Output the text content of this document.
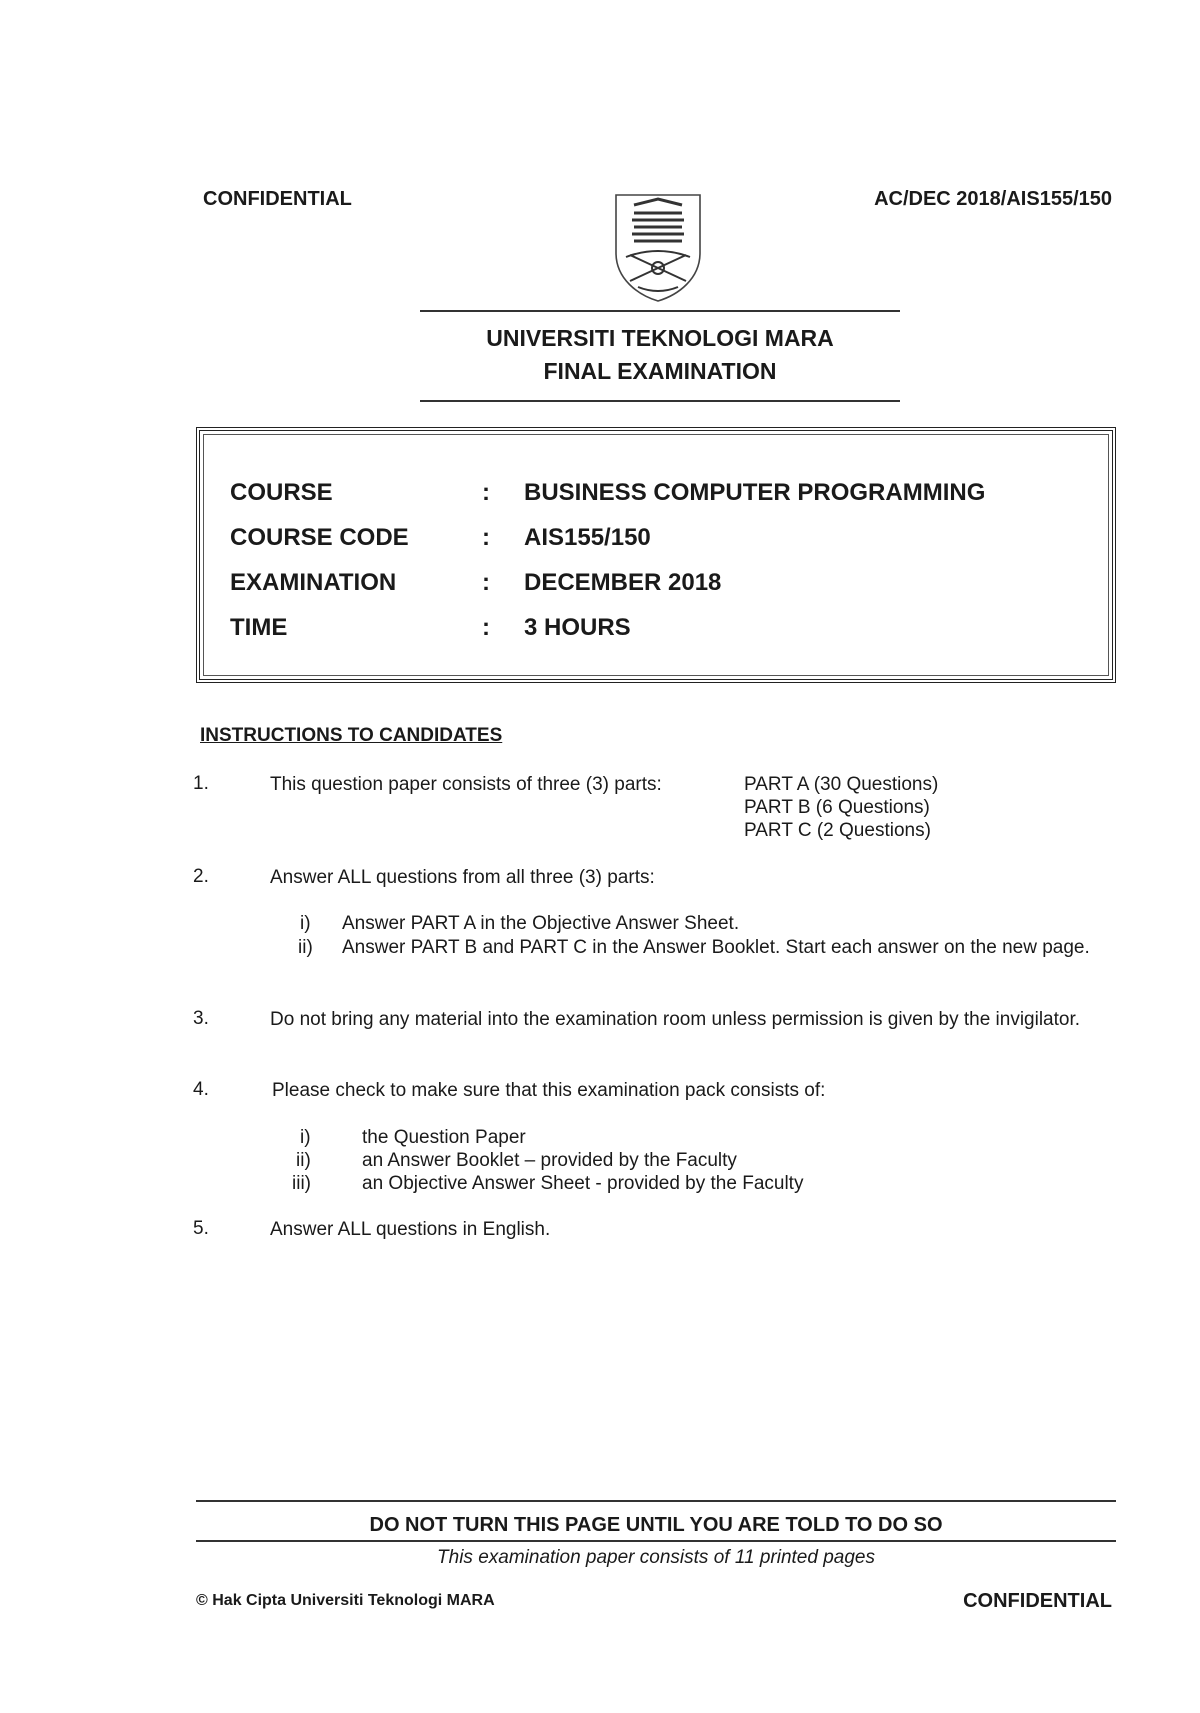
CONFIDENTIAL	AC/DEC 2018/AIS155/150
UNIVERSITI TEKNOLOGI MARA
FINAL EXAMINATION
COURSE	: BUSINESS COMPUTER PROGRAMMING
COURSE CODE	: AIS155/150
EXAMINATION	: DECEMBER 2018
TIME	: 3 HOURS
INSTRUCTIONS TO CANDIDATES
1.	This question paper consists of three (3) parts:	PART A (30 Questions)
PART B (6 Questions)
PART C (2 Questions)
2.	Answer ALL questions from all three (3) parts:
i) Answer PART A in the Objective Answer Sheet.
ii) Answer PART B and PART C in the Answer Booklet. Start each answer on the new page.
3.	Do not bring any material into the examination room unless permission is given by the invigilator.
4.	Please check to make sure that this examination pack consists of:
i)	the Question Paper
ii)	an Answer Booklet – provided by the Faculty
iii)	an Objective Answer Sheet - provided by the Faculty
5.	Answer ALL questions in English.
DO NOT TURN THIS PAGE UNTIL YOU ARE TOLD TO DO SO
This examination paper consists of 11 printed pages
© Hak Cipta Universiti Teknologi MARA	CONFIDENTIAL
